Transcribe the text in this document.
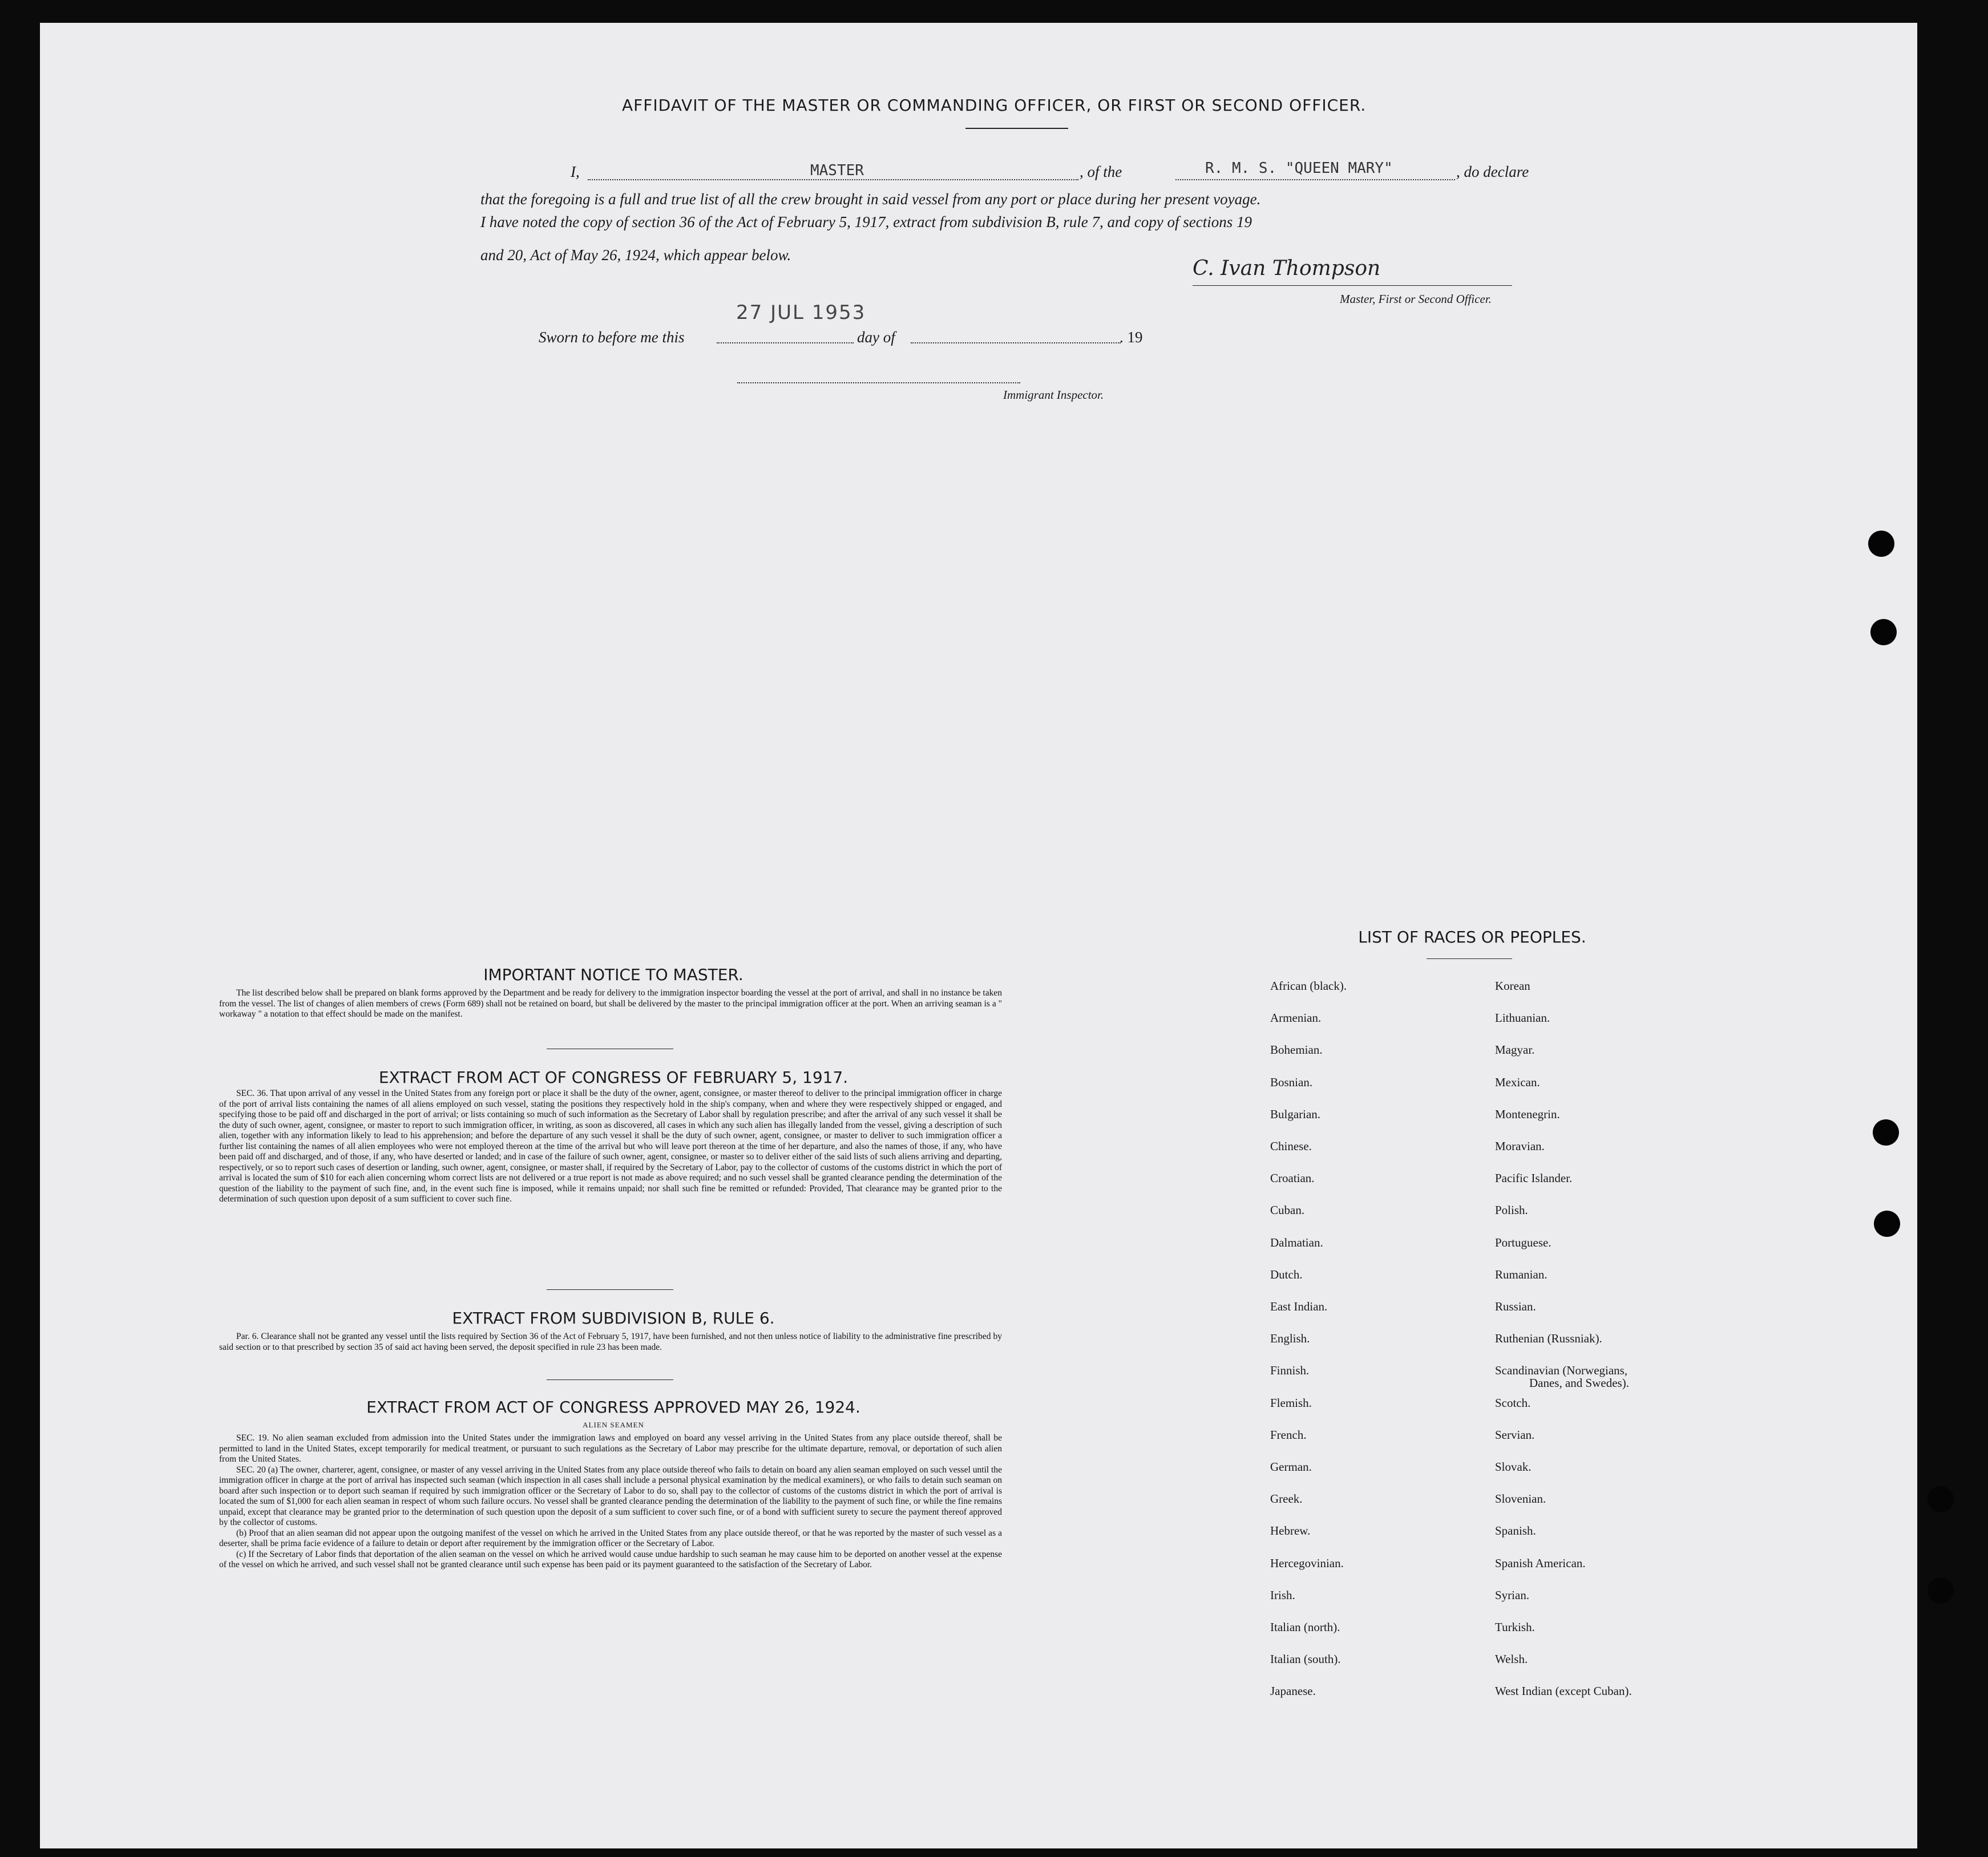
AFFIDAVIT OF THE MASTER OR COMMANDING OFFICER, OR FIRST OR SECOND OFFICER.
I,	MASTER	, of the	R. M. S. "QUEEN MARY"	, do declare
that the foregoing is a full and true list of all the crew brought in said vessel from any port or place during her present voyage.
I have noted the copy of section 36 of the Act of February 5, 1917, extract from subdivision B, rule 7, and copy of sections 19
and 20, Act of May 26, 1924, which appear below.
C. Ivan Thompson
Master, First or Second Officer.
27 JUL 1953
Sworn to before me this	day of	. 19
Immigrant Inspector.
IMPORTANT NOTICE TO MASTER.

The list described below shall be prepared on blank forms approved by the Department and be ready for delivery to the immigration inspector boarding the vessel at the port of arrival, and shall in no instance be taken from the vessel. The list of changes of alien members of crews (Form 689) shall not be retained on board, but shall be delivered by the master to the principal immigration officer at the port. When an arriving seaman is a " workaway " a notation to that effect should be made on the manifest.

EXTRACT FROM ACT OF CONGRESS OF FEBRUARY 5, 1917.

SEC. 36. That upon arrival of any vessel in the United States from any foreign port or place it shall be the duty of the owner, agent, consignee, or master thereof to deliver to the principal immigration officer in charge of the port of arrival lists containing the names of all aliens employed on such vessel, stating the positions they respectively hold in the ship's company, when and where they were respectively shipped or engaged, and specifying those to be paid off and discharged in the port of arrival; or lists containing so much of such information as the Secretary of Labor shall by regulation prescribe; and after the arrival of any such vessel it shall be the duty of such owner, agent, consignee, or master to report to such immigration officer, in writing, as soon as discovered, all cases in which any such alien has illegally landed from the vessel, giving a description of such alien, together with any information likely to lead to his apprehension; and before the departure of any such vessel it shall be the duty of such owner, agent, consignee, or master to deliver to such immigration officer a further list containing the names of all alien employees who were not employed thereon at the time of the arrival but who will leave port thereon at the time of her departure, and also the names of those, if any, who have been paid off and discharged, and of those, if any, who have deserted or landed; and in case of the failure of such owner, agent, consignee, or master so to deliver either of the said lists of such aliens arriving and departing, respectively, or so to report such cases of desertion or landing, such owner, agent, consignee, or master shall, if required by the Secretary of Labor, pay to the collector of customs of the customs district in which the port of arrival is located the sum of $10 for each alien concerning whom correct lists are not delivered or a true report is not made as above required; and no such vessel shall be granted clearance pending the determination of the question of the liability to the payment of such fine, and, in the event such fine is imposed, while it remains unpaid; nor shall such fine be remitted or refunded: Provided, That clearance may be granted prior to the determination of such question upon deposit of a sum sufficient to cover such fine.

EXTRACT FROM SUBDIVISION B, RULE 6.

Par. 6. Clearance shall not be granted any vessel until the lists required by Section 36 of the Act of February 5, 1917, have been furnished, and not then unless notice of liability to the administrative fine prescribed by said section or to that prescribed by section 35 of said act having been served, the deposit specified in rule 23 has been made.

EXTRACT FROM ACT OF CONGRESS APPROVED MAY 26, 1924.
ALIEN SEAMEN

SEC. 19. No alien seaman excluded from admission into the United States under the immigration laws and employed on board any vessel arriving in the United States from any place outside thereof, shall be permitted to land in the United States, except temporarily for medical treatment, or pursuant to such regulations as the Secretary of Labor may prescribe for the ultimate departure, removal, or deportation of such alien from the United States.

SEC. 20 (a) The owner, charterer, agent, consignee, or master of any vessel arriving in the United States from any place outside thereof who fails to detain on board any alien seaman employed on such vessel until the immigration officer in charge at the port of arrival has inspected such seaman (which inspection in all cases shall include a personal physical examination by the medical examiners), or who fails to detain such seaman on board after such inspection or to deport such seaman if required by such immigration officer or the Secretary of Labor to do so, shall pay to the collector of customs of the customs district in which the port of arrival is located the sum of $1,000 for each alien seaman in respect of whom such failure occurs. No vessel shall be granted clearance pending the determination of the liability to the payment of such fine, or while the fine remains unpaid, except that clearance may be granted prior to the determination of such question upon the deposit of a sum sufficient to cover such fine, or of a bond with sufficient surety to secure the payment thereof approved by the collector of customs.

(b) Proof that an alien seaman did not appear upon the outgoing manifest of the vessel on which he arrived in the United States from any place outside thereof, or that he was reported by the master of such vessel as a deserter, shall be prima facie evidence of a failure to detain or deport after requirement by the immigration officer or the Secretary of Labor.

(c) If the Secretary of Labor finds that deportation of the alien seaman on the vessel on which he arrived would cause undue hardship to such seaman he may cause him to be deported on another vessel at the expense of the vessel on which he arrived, and such vessel shall not be granted clearance until such expense has been paid or its payment guaranteed to the satisfaction of the Secretary of Labor.

LIST OF RACES OR PEOPLES.
African (black).
Armenian.
Bohemian.
Bosnian.
Bulgarian.
Chinese.
Croatian.
Cuban.
Dalmatian.
Dutch.
East Indian.
English.
Finnish.
Flemish.
French.
German.
Greek.
Hebrew.
Hercegovinian.
Irish.
Italian (north).
Italian (south).
Japanese.
Korean
Lithuanian.
Magyar.
Mexican.
Montenegrin.
Moravian.
Pacific Islander.
Polish.
Portuguese.
Rumanian.
Russian.
Ruthenian (Russniak).
Scandinavian (Norwegians,
Scotch.
Servian.
Slovak.
Slovenian.
Spanish.
Spanish American.
Syrian.
Turkish.
Welsh.
West Indian (except Cuban).
Danes, and Swedes).
